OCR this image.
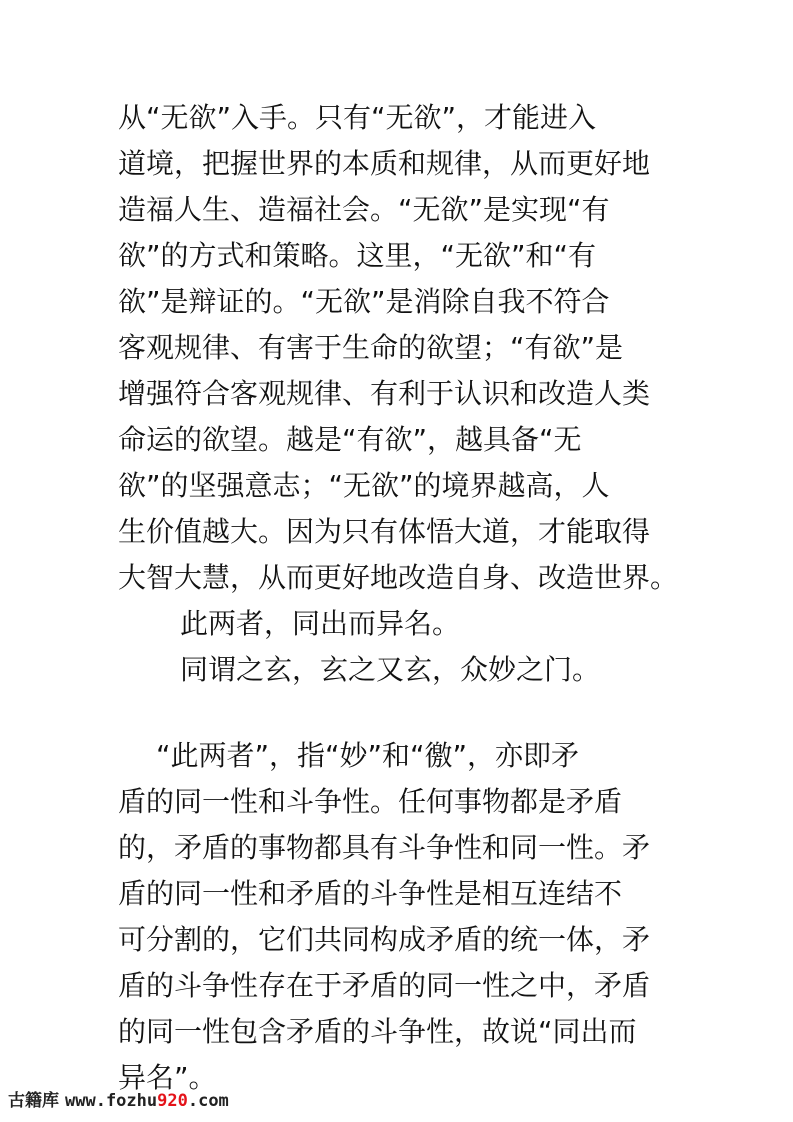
从“无欲”入手。只有“无欲”，才能进入
道境，把握世界的本质和规律，从而更好地
造福人生、造福社会。“无欲”是实现“有
欲”的方式和策略。这里，“无欲”和“有
欲”是辩证的。“无欲”是消除自我不符合
客观规律、有害于生命的欲望；“有欲”是
增强符合客观规律、有利于认识和改造人类
命运的欲望。越是“有欲”，越具备“无
欲”的坚强意志；“无欲”的境界越高，人
生价值越大。因为只有体悟大道，才能取得
大智大慧，从而更好地改造自身、改造世界。
此两者，同出而异名。
同谓之玄，玄之又玄，众妙之门。
“此两者”，指“妙”和“徼”，亦即矛
盾的同一性和斗争性。任何事物都是矛盾
的，矛盾的事物都具有斗争性和同一性。矛
盾的同一性和矛盾的斗争性是相互连结不
可分割的，它们共同构成矛盾的统一体，矛
盾的斗争性存在于矛盾的同一性之中，矛盾
的同一性包含矛盾的斗争性，故说“同出而
异名”。
古籍库 www.fozhu920.com
